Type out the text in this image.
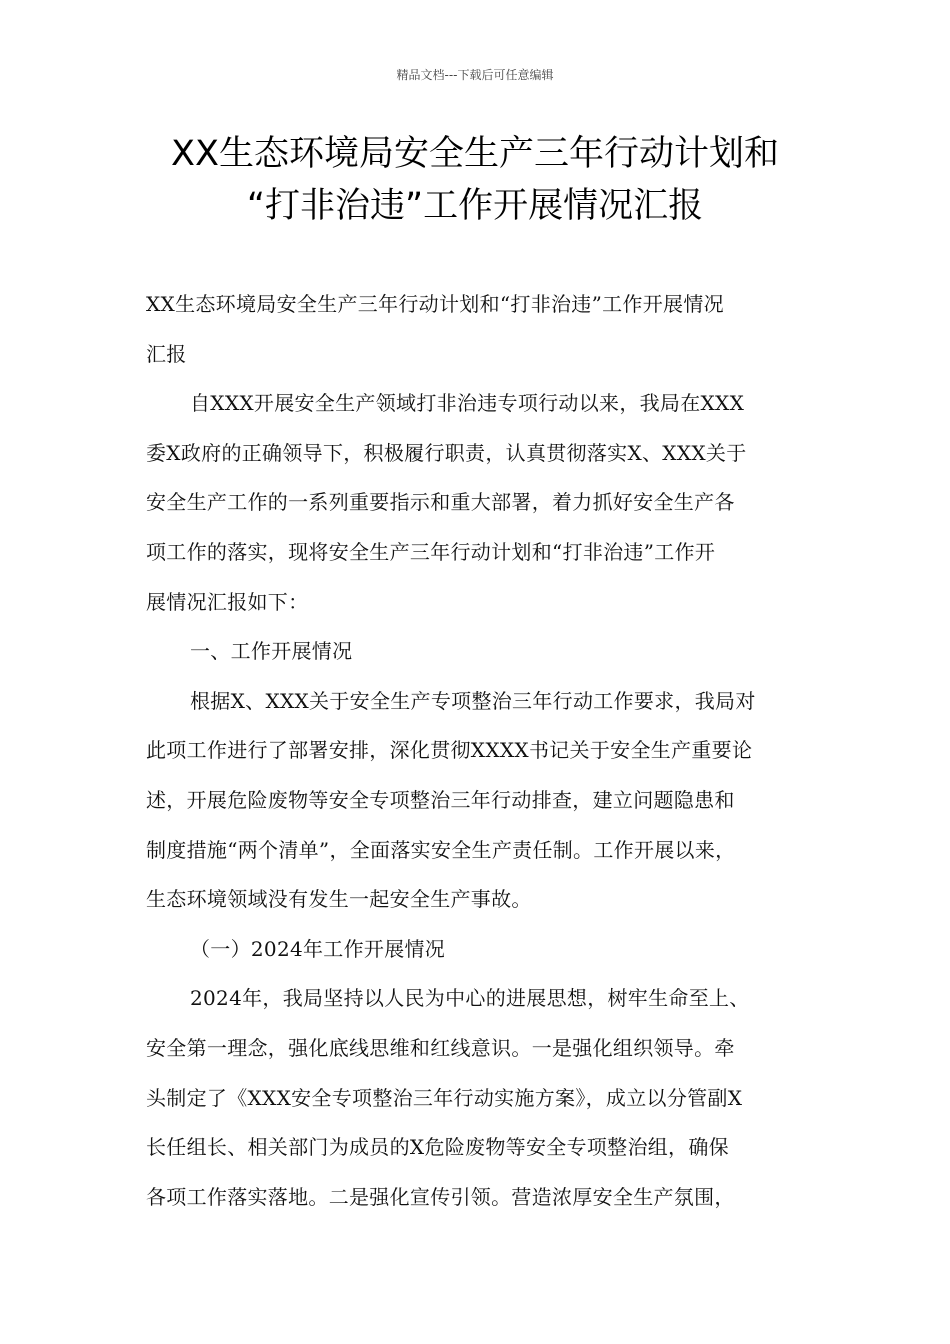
精品文档---下载后可任意编辑
XX生态环境局安全生产三年行动计划和
“打非治违”工作开展情况汇报
XX生态环境局安全生产三年行动计划和“打非治违”工作开展情况
汇报
自XXX开展安全生产领域打非治违专项行动以来，我局在XXX
委X政府的正确领导下，积极履行职责，认真贯彻落实X、XXX关于
安全生产工作的一系列重要指示和重大部署，着力抓好安全生产各
项工作的落实，现将安全生产三年行动计划和“打非治违”工作开
展情况汇报如下：
一、工作开展情况
根据X、XXX关于安全生产专项整治三年行动工作要求，我局对
此项工作进行了部署安排，深化贯彻XXXX书记关于安全生产重要论
述，开展危险废物等安全专项整治三年行动排查，建立问题隐患和
制度措施“两个清单”，全面落实安全生产责任制。工作开展以来，
生态环境领域没有发生一起安全生产事故。
（一）2024年工作开展情况
2024年，我局坚持以人民为中心的进展思想，树牢生命至上、
安全第一理念，强化底线思维和红线意识。一是强化组织领导。牵
头制定了《XXX安全专项整治三年行动实施方案》，成立以分管副X
长任组长、相关部门为成员的X危险废物等安全专项整治组，确保
各项工作落实落地。二是强化宣传引领。营造浓厚安全生产氛围，
